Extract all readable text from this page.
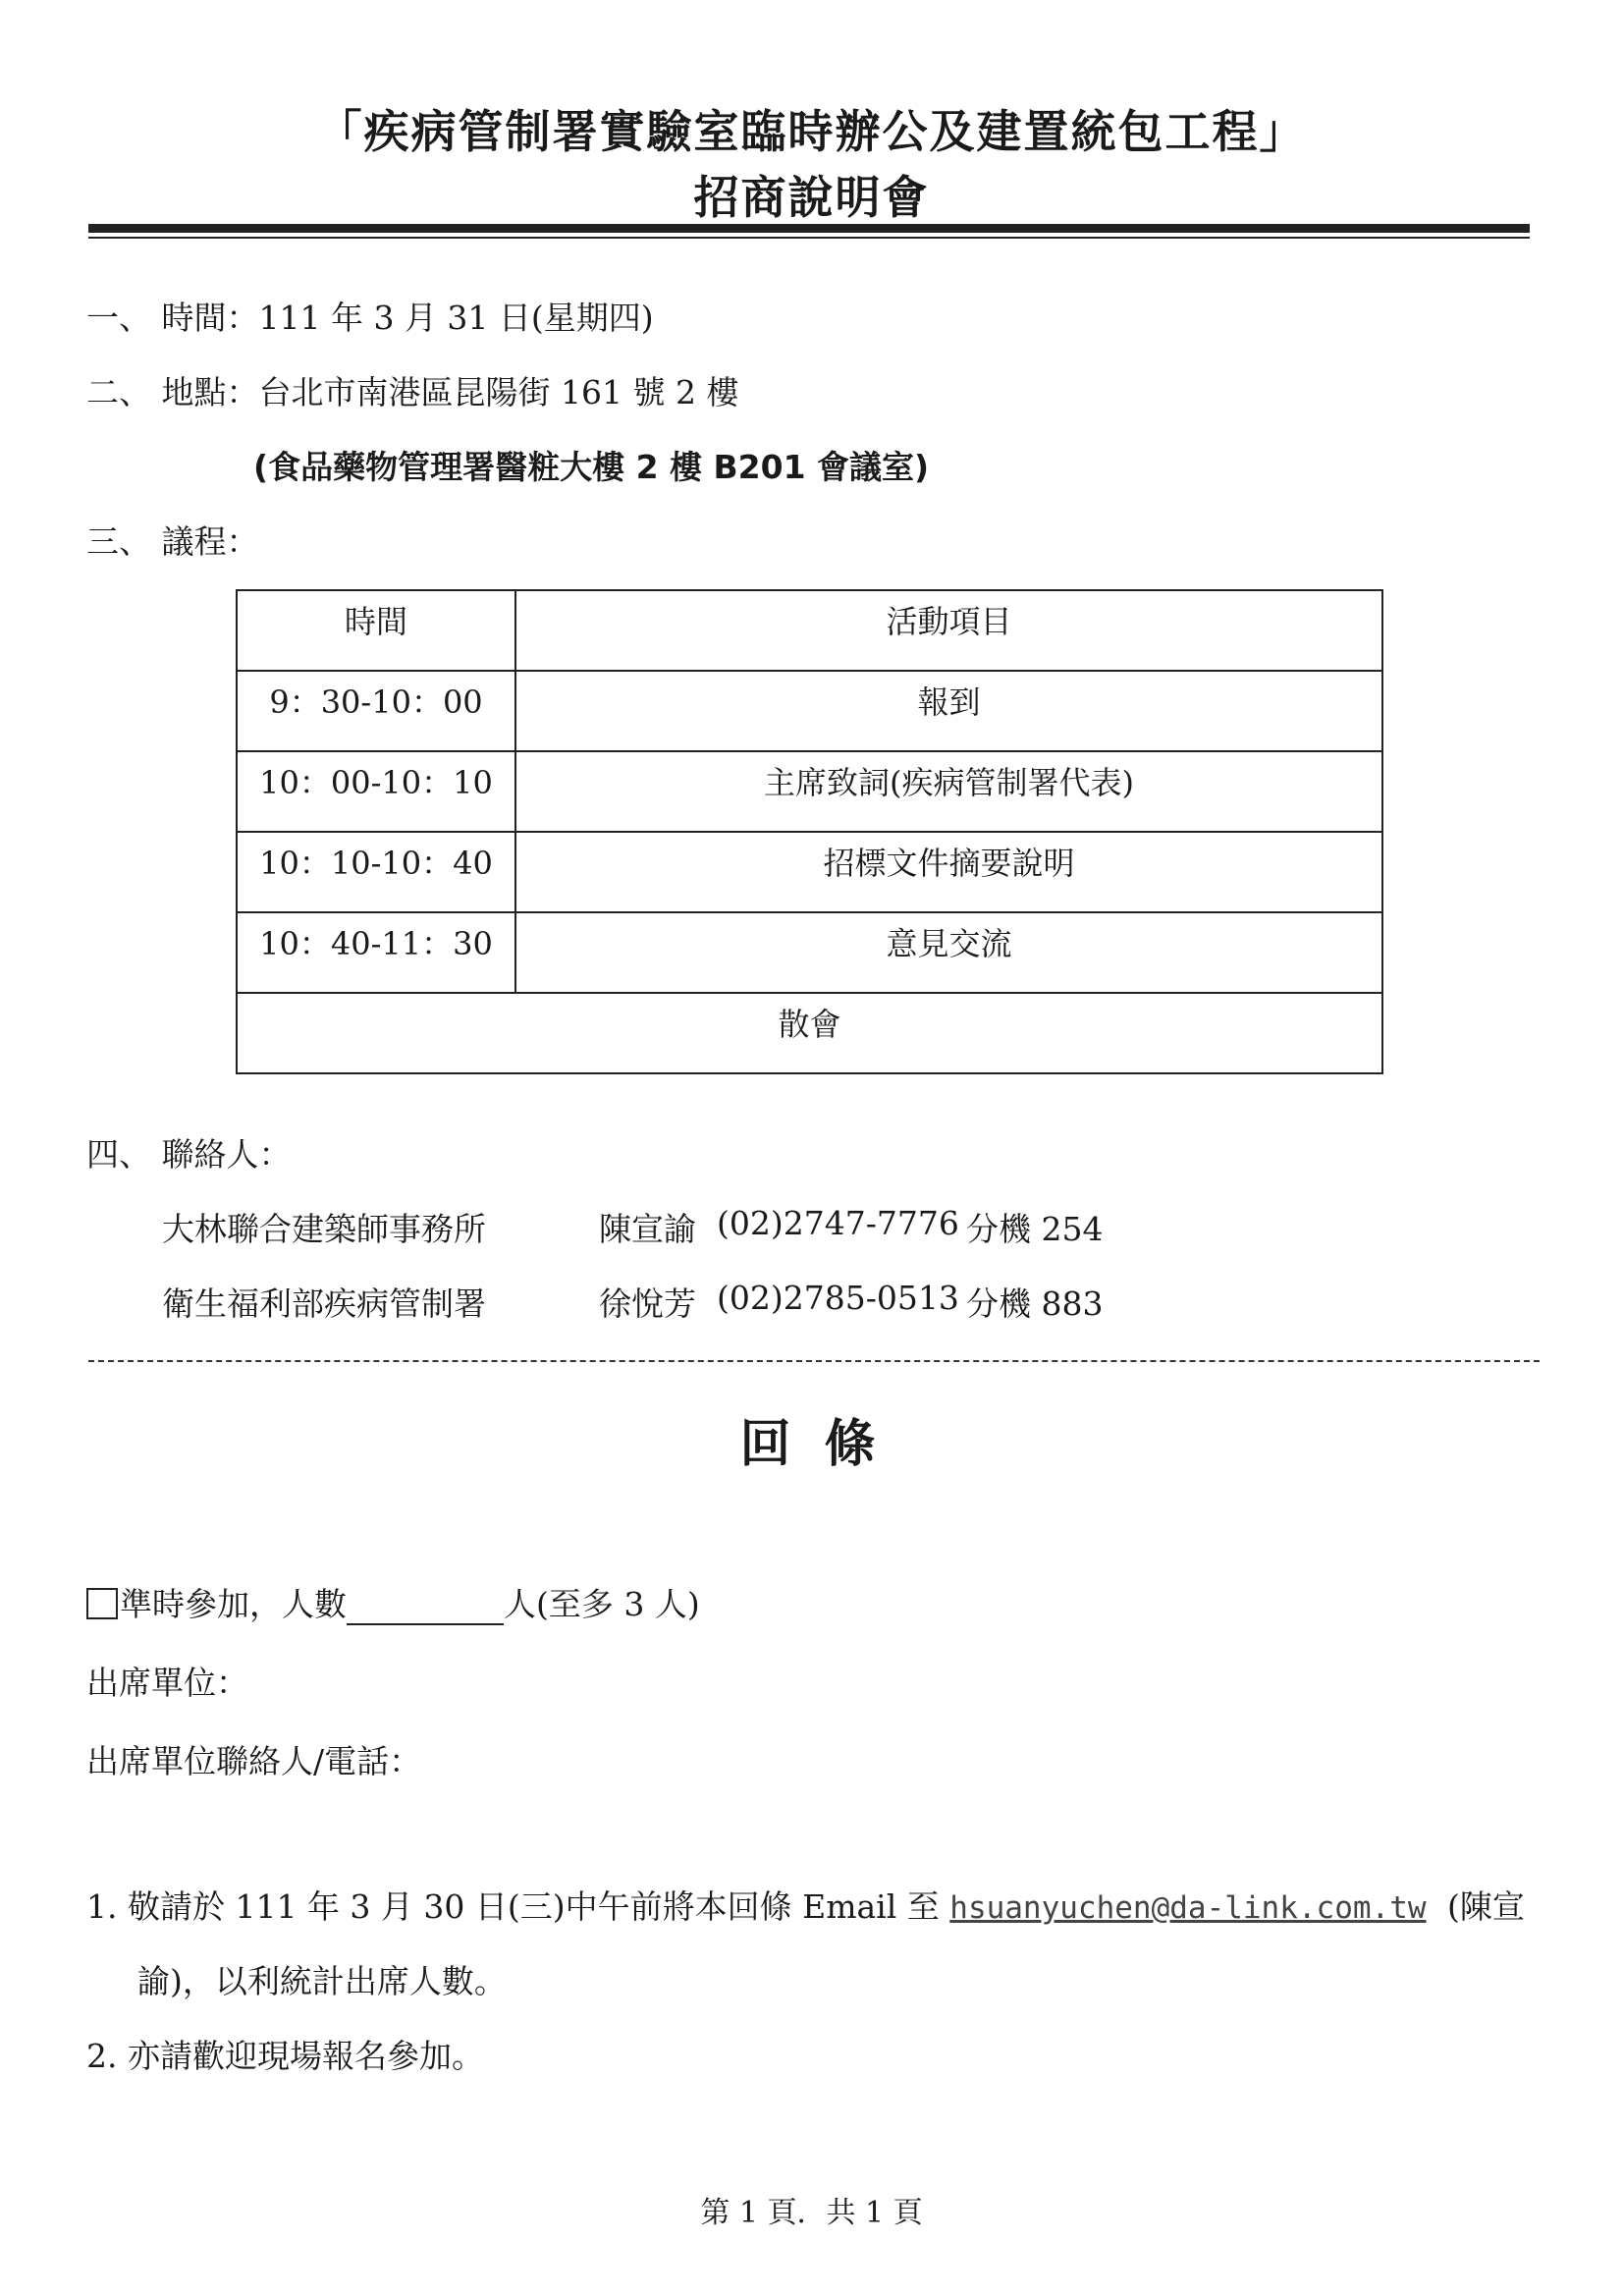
「疾病管制署實驗室臨時辦公及建置統包工程」
招商說明會
一、 時間：111 年 3 月 31 日(星期四)
二、 地點：台北市南港區昆陽街 161 號 2 樓
(食品藥物管理署醫粧大樓 2 樓 B201 會議室)
三、 議程：
時間	活動項目
9：30-10：00	報到
10：00-10：10	主席致詞(疾病管制署代表)
10：10-10：40	招標文件摘要說明
10：40-11：30	意見交流
散會	
四、 聯絡人：
大林聯合建築師事務所	陳宣諭 (02)2747-7776 分機 254
衛生福利部疾病管制署	徐悅芳 (02)2785-0513 分機 883
回 條
準時參加，人數	人(至多 3 人)
出席單位：
出席單位聯絡人/電話：
1. 敬請於 111 年 3 月 30 日(三)中午前將本回條 Email 至 hsuanyuchen@da-link.com.tw (陳宣
諭)，以利統計出席人數。
2. 亦請歡迎現場報名參加。
第 1 頁．共 1 頁
